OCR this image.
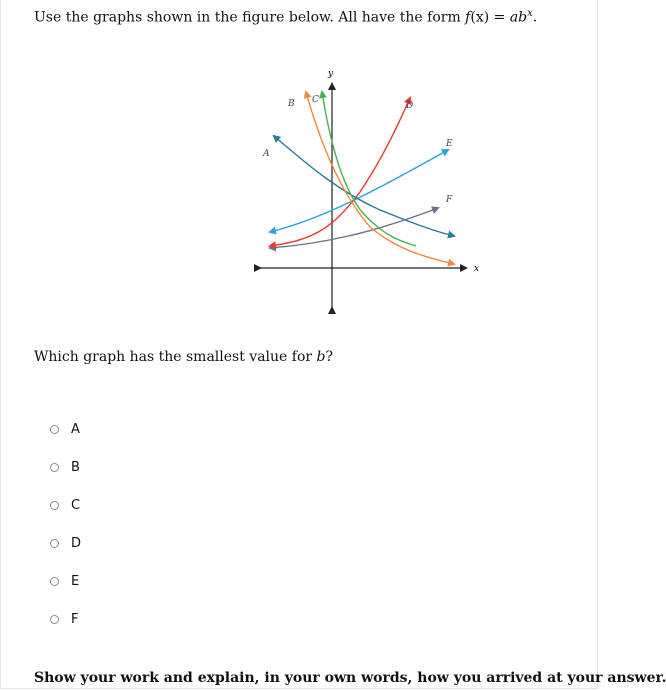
Use the graphs shown in the figure below. All have the form $f(x) = ab^x$.
x
y
A
B C
D
E
F
Which graph has the smallest value for b?
A
B
C
D
E
F
Show your work and explain, in your own words, how you arrived at your answer.
